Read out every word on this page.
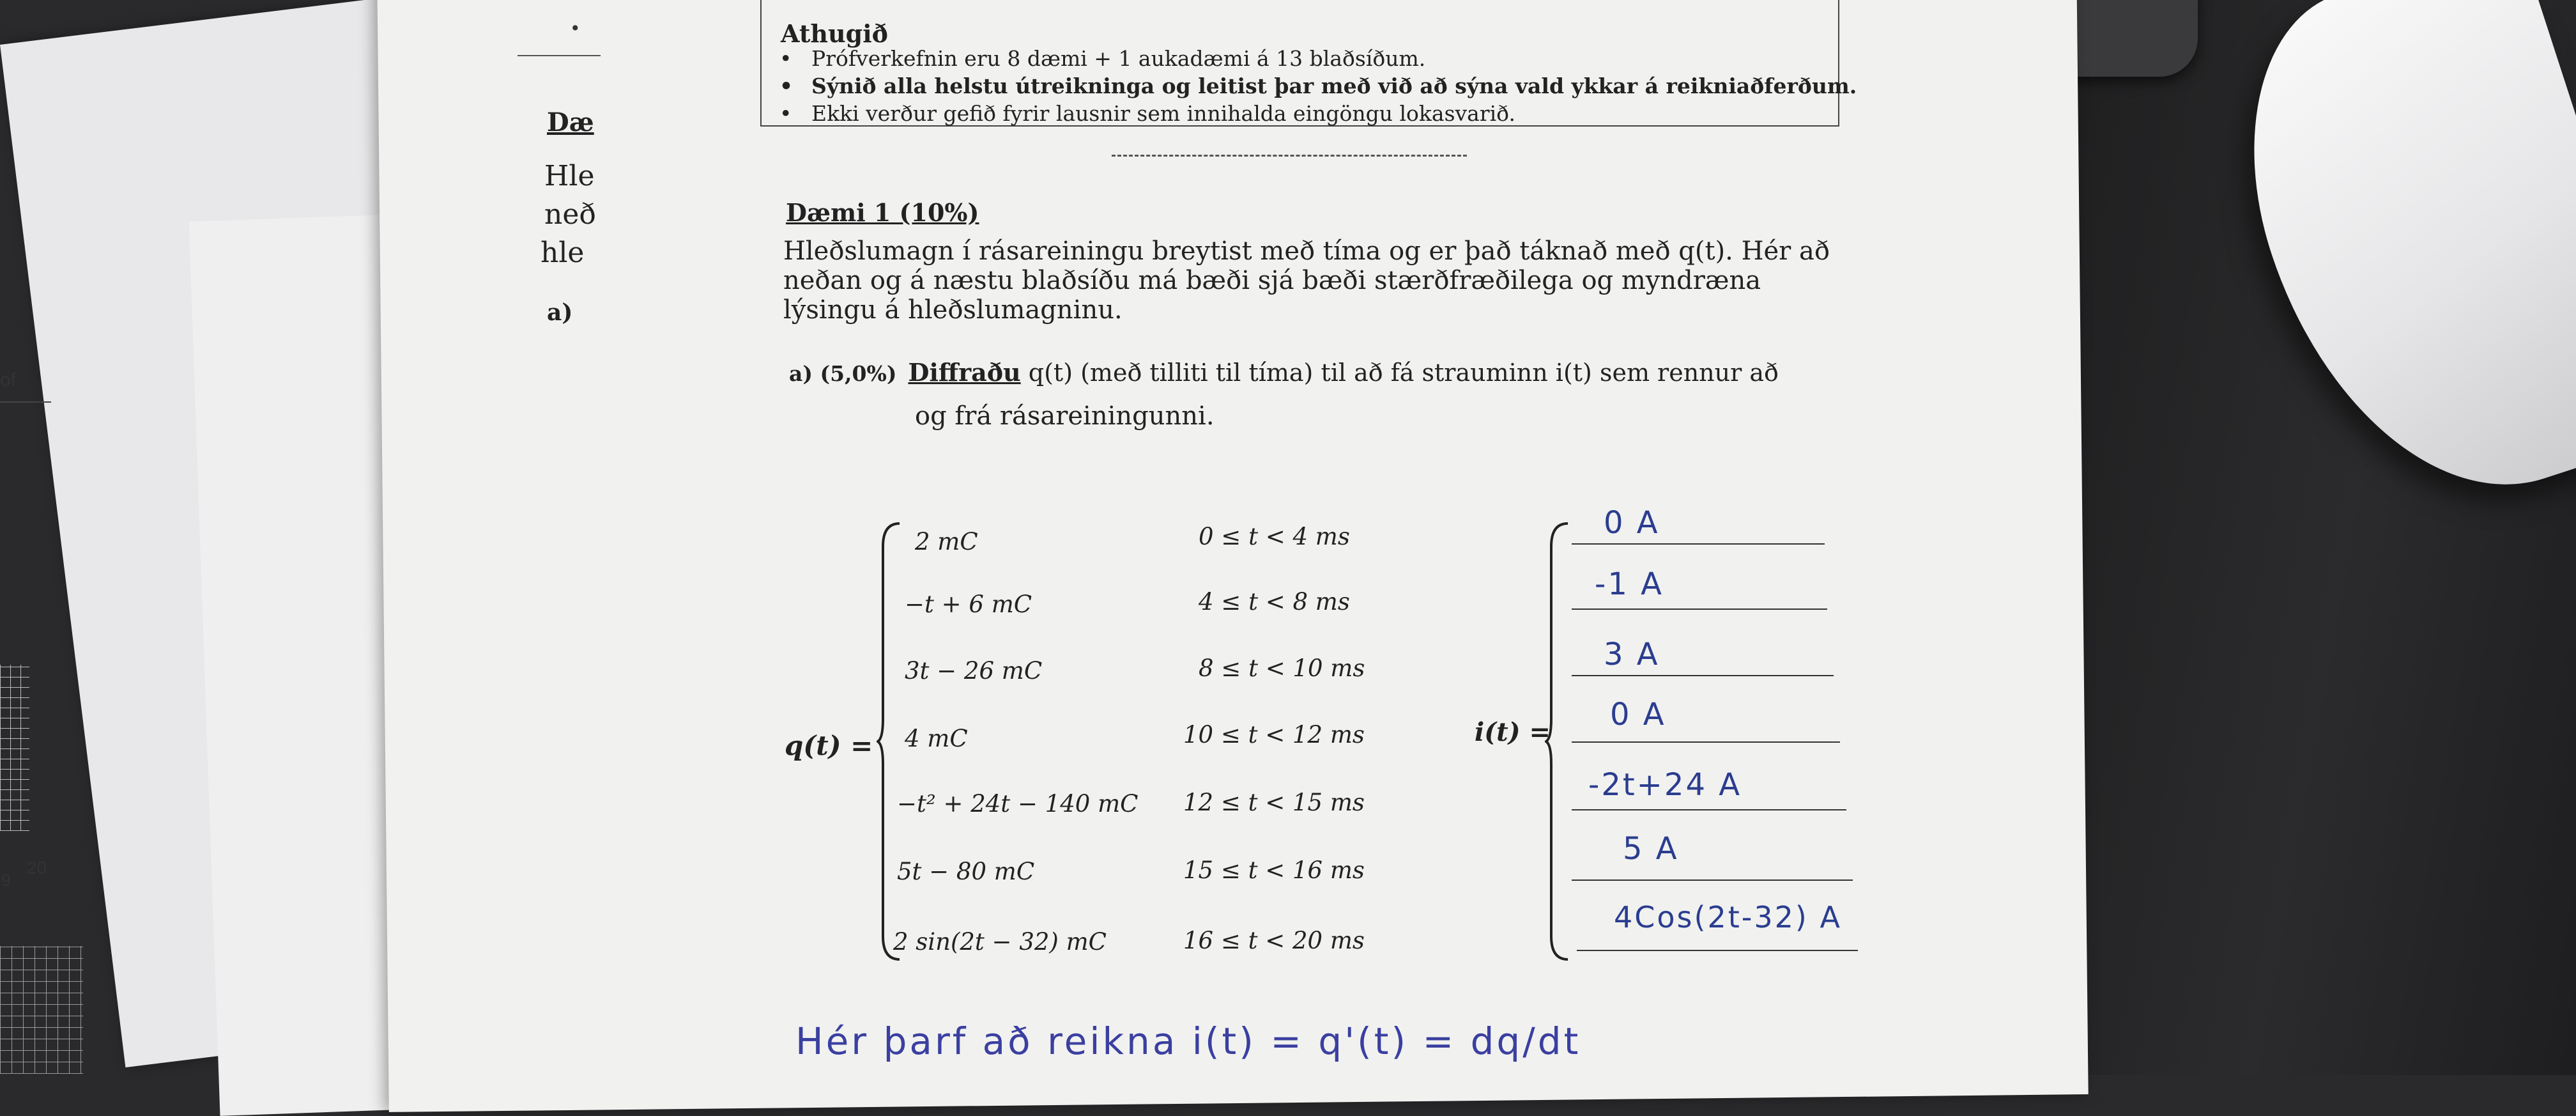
of
9
20
•	Athugið
• Prófverkefnin eru 8 dæmi + 1 aukadæmi á 13 blaðsíðum.
• Sýnið alla helstu útreikninga og leitist þar með við að sýna vald ykkar á reikniaðferðum.
• Ekki verður gefið fyrir lausnir sem innihalda eingöngu lokasvarið.
Dæ
Hle
neð
hle
a)
Dæmi 1 (10%)
Hleðslumagn í rásareiningu breytist með tíma og er það táknað með q(t). Hér að neðan og á næstu blaðsíðu má bæði sjá bæði stærðfræðilega og myndræna lýsingu á hleðslumagninu.
a) (5,0%) Diffraðu q(t) (með tilliti til tíma) til að fá strauminn i(t) sem rennur að
og frá rásareiningunni.
q(t) =
2 mC	0 ≤ t < 4 ms
−t + 6 mC	4 ≤ t < 8 ms
3t − 26 mC	8 ≤ t < 10 ms
4 mC	10 ≤ t < 12 ms
−t² + 24t − 140 mC 12 ≤ t < 15 ms
5t − 80 mC	15 ≤ t < 16 ms
2 sin(2t − 32) mC	16 ≤ t < 20 ms
i(t) =
0 A
-1 A
3 A
0 A
-2t+24 A
5 A
4Cos(2t-32) A
Hér þarf að reikna i(t) = q'(t) = dq/dt
